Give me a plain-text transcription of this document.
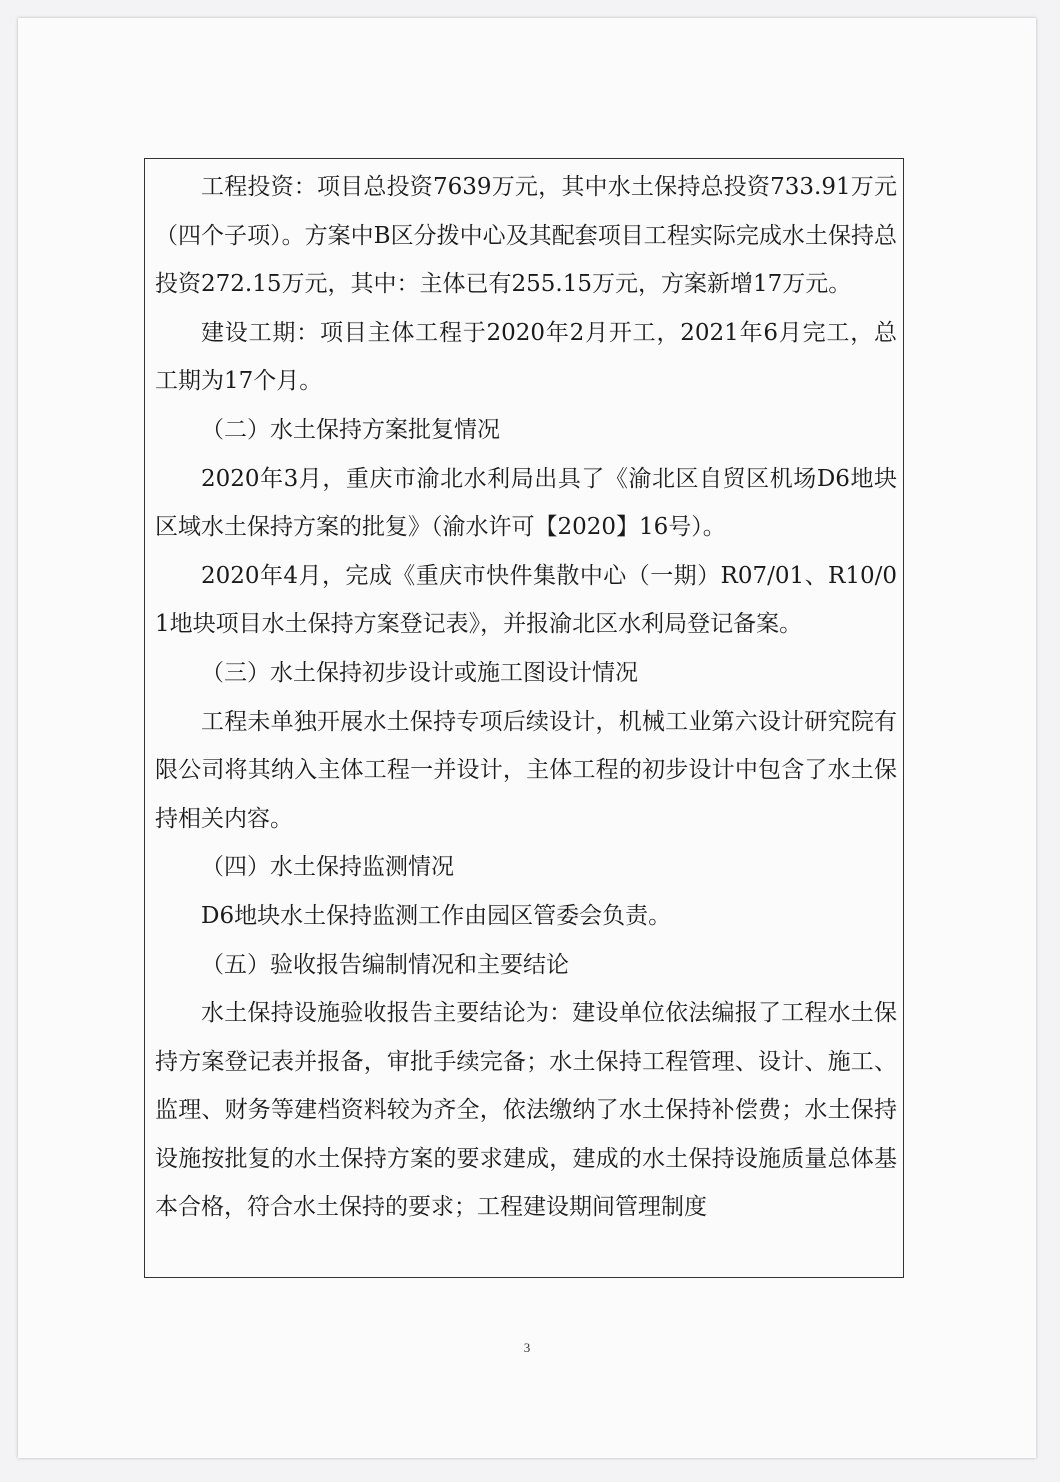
工程投资：项目总投资7639万元，其中水土保持总投资733.91万元（四个子项）。方案中B区分拨中心及其配套项目工程实际完成水土保持总投资272.15万元，其中：主体已有255.15万元，方案新增17万元。

建设工期：项目主体工程于2020年2月开工，2021年6月完工，总工期为17个月。

（二）水土保持方案批复情况

2020年3月，重庆市渝北水利局出具了《渝北区自贸区机场D6地块区域水土保持方案的批复》（渝水许可【2020】16号）。

2020年4月，完成《重庆市快件集散中心（一期）R07/01、R10/01地块项目水土保持方案登记表》，并报渝北区水利局登记备案。

（三）水土保持初步设计或施工图设计情况

工程未单独开展水土保持专项后续设计，机械工业第六设计研究院有限公司将其纳入主体工程一并设计，主体工程的初步设计中包含了水土保持相关内容。

（四）水土保持监测情况

D6地块水土保持监测工作由园区管委会负责。

（五）验收报告编制情况和主要结论

水土保持设施验收报告主要结论为：建设单位依法编报了工程水土保持方案登记表并报备，审批手续完备；水土保持工程管理、设计、施工、监理、财务等建档资料较为齐全，依法缴纳了水土保持补偿费；水土保持设施按批复的水土保持方案的要求建成，建成的水土保持设施质量总体基本合格，符合水土保持的要求；工程建设期间管理制度

3
